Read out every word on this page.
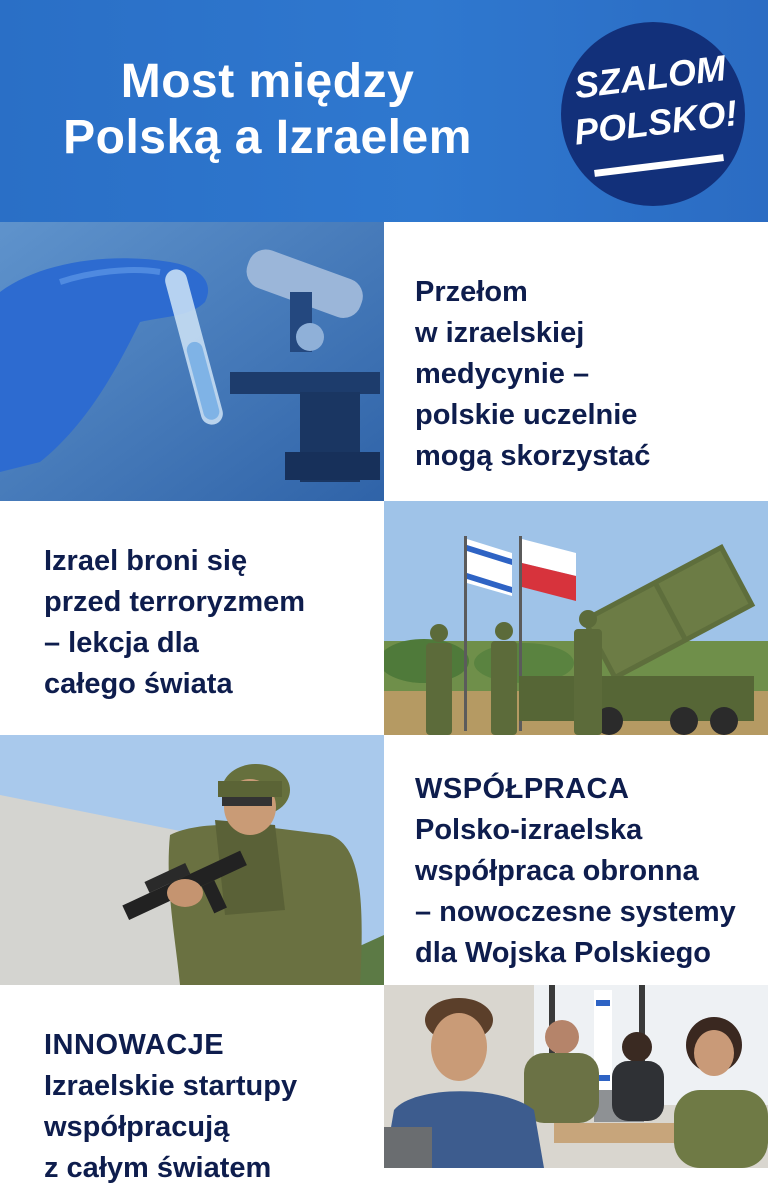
Most między
Polską a Izraelem
SZALOM
POLSKO!
Przełom
w izraelskiej
medycynie –
polskie uczelnie
mogą skorzystać
Izrael broni się
przed terroryzmem
– lekcja dla
całego świata
WSPÓŁPRACA
Polsko-izraelska
współpraca obronna
– nowoczesne systemy
dla Wojska Polskiego
INNOWACJE
Izraelskie startupy
współpracują
z całym światem
